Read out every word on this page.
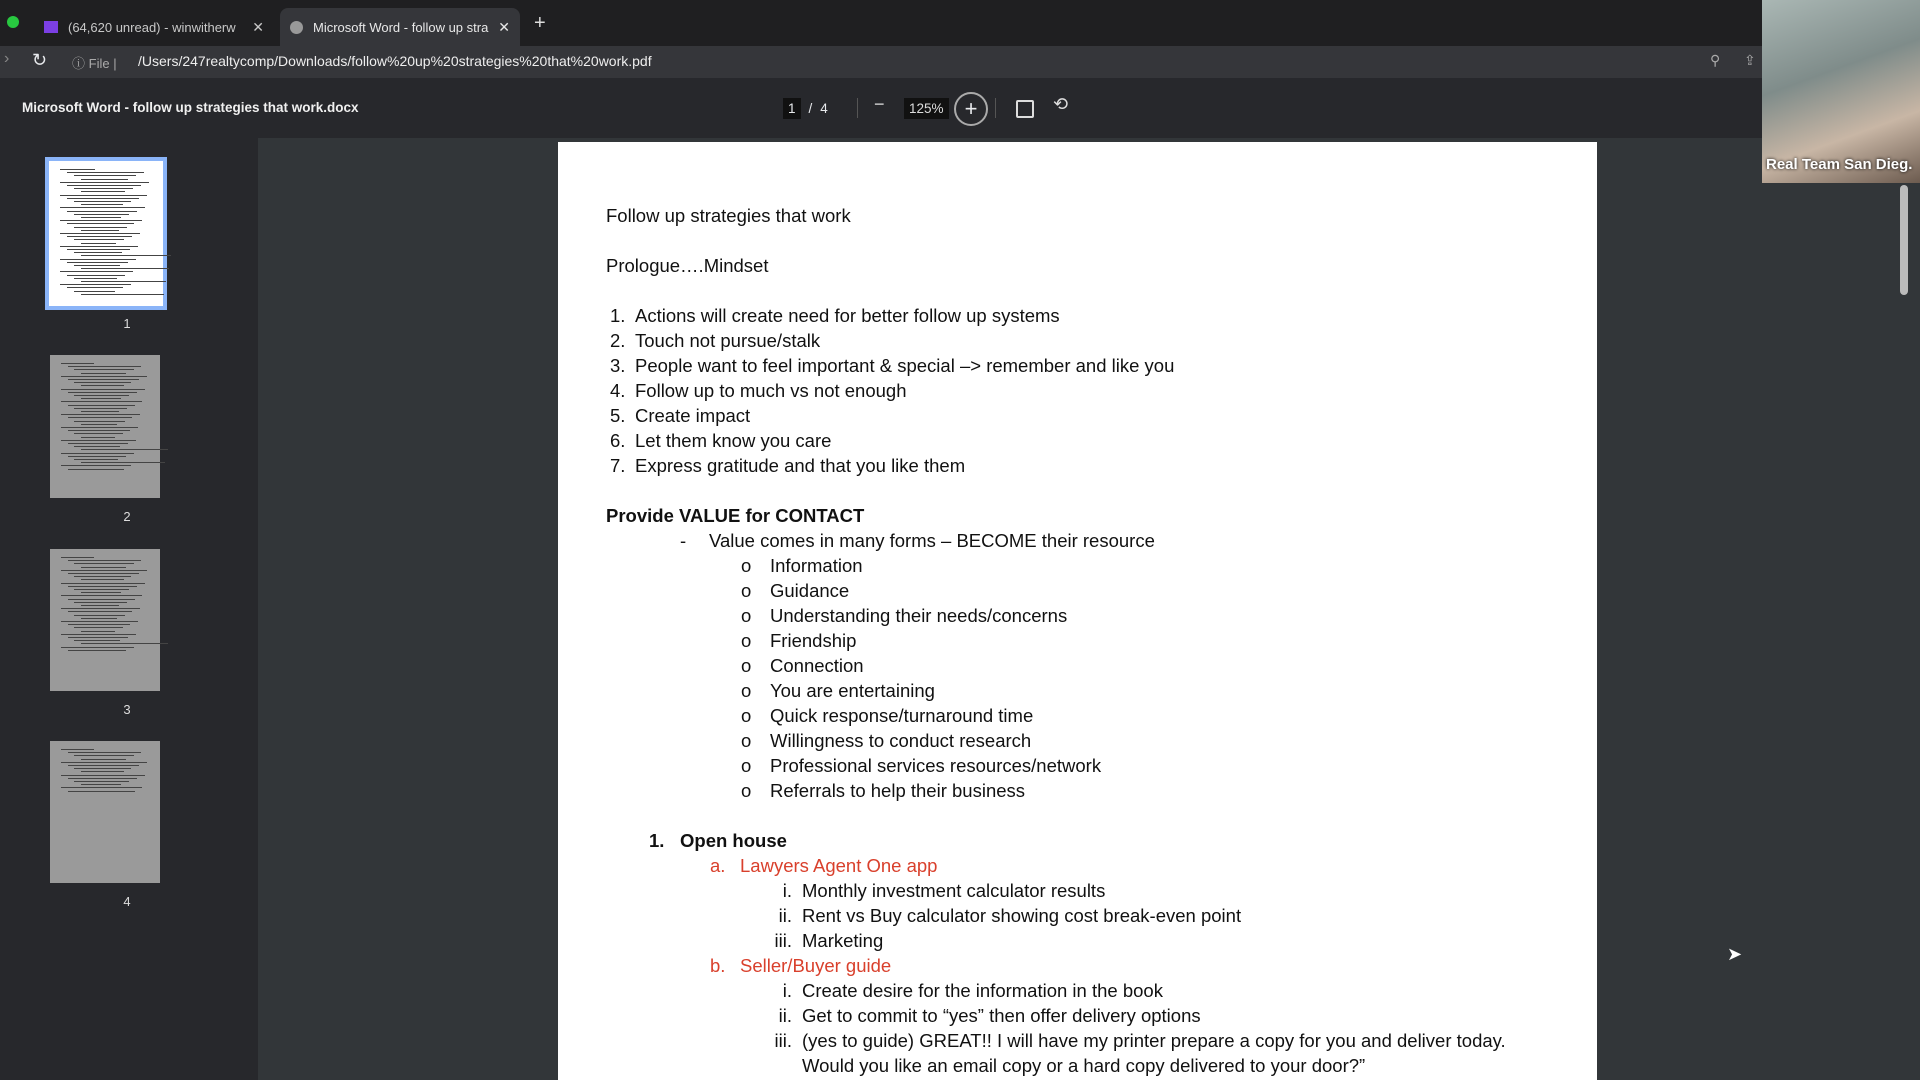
(64,620 unread) - winwitherw ✕	Microsoft Word - follow up stra ✕ +
› ↻ ⓘ File | /Users/247realtycomp/Downloads/follow%20up%20strategies%20that%20work.pdf	⚲ ⇪
Microsoft Word - follow up strategies that work.docx	1 / 4	−	125% +	⟲
1
2
3
4
Follow up strategies that work
Prologue….Mindset
1. Actions will create need for better follow up systems
2. Touch not pursue/stalk
3. People want to feel important & special –> remember and like you
4. Follow up to much vs not enough
5. Create impact
6. Let them know you care
7. Express gratitude and that you like them
Provide VALUE for CONTACT
- Value comes in many forms – BECOME their resource
o Information
o Guidance
o Understanding their needs/concerns
o Friendship
o Connection
o You are entertaining
o Quick response/turnaround time
o Willingness to conduct research
o Professional services resources/network
o Referrals to help their business
1. Open house
a. Lawyers Agent One app
i. Monthly investment calculator results
ii. Rent vs Buy calculator showing cost break-even point
iii. Marketing
b. Seller/Buyer guide
i. Create desire for the information in the book
ii. Get to commit to “yes” then offer delivery options
iii. (yes to guide) GREAT!! I will have my printer prepare a copy for you and deliver today.
Would you like an email copy or a hard copy delivered to your door?”
Real Team San Dieg.
➤
